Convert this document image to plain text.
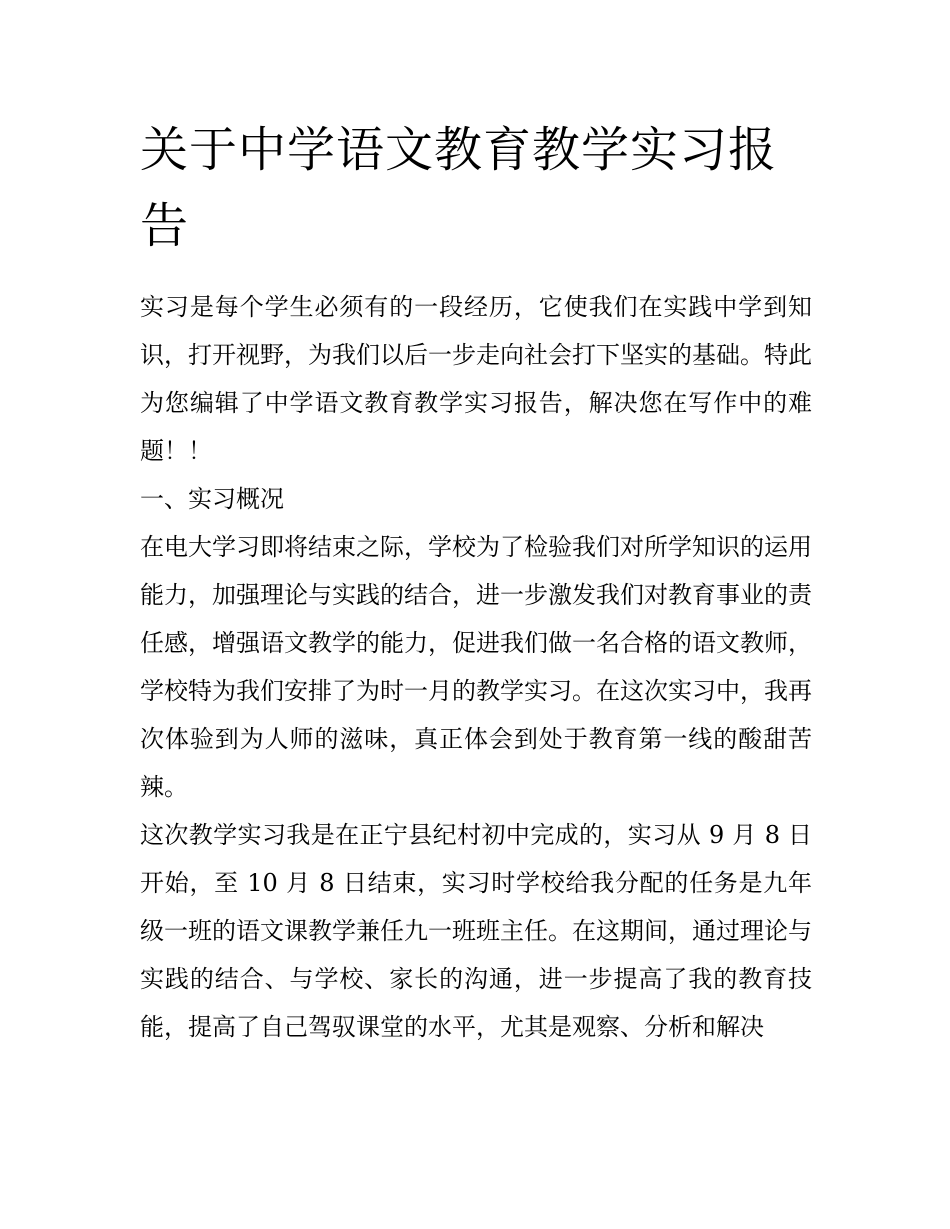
关于中学语文教育教学实习报告

实习是每个学生必须有的一段经历，它使我们在实践中学到知识，打开视野，为我们以后一步走向社会打下坚实的基础。特此为您编辑了中学语文教育教学实习报告，解决您在写作中的难题！！

一、实习概况

在电大学习即将结束之际，学校为了检验我们对所学知识的运用能力，加强理论与实践的结合，进一步激发我们对教育事业的责任感，增强语文教学的能力，促进我们做一名合格的语文教师，学校特为我们安排了为时一月的教学实习。在这次实习中，我再次体验到为人师的滋味，真正体会到处于教育第一线的酸甜苦辣。

这次教学实习我是在正宁县纪村初中完成的，实习从 9 月 8 日开始，至 10 月 8 日结束，实习时学校给我分配的任务是九年级一班的语文课教学兼任九一班班主任。在这期间，通过理论与实践的结合、与学校、家长的沟通，进一步提高了我的教育技能，提高了自己驾驭课堂的水平，尤其是观察、分析和解决
